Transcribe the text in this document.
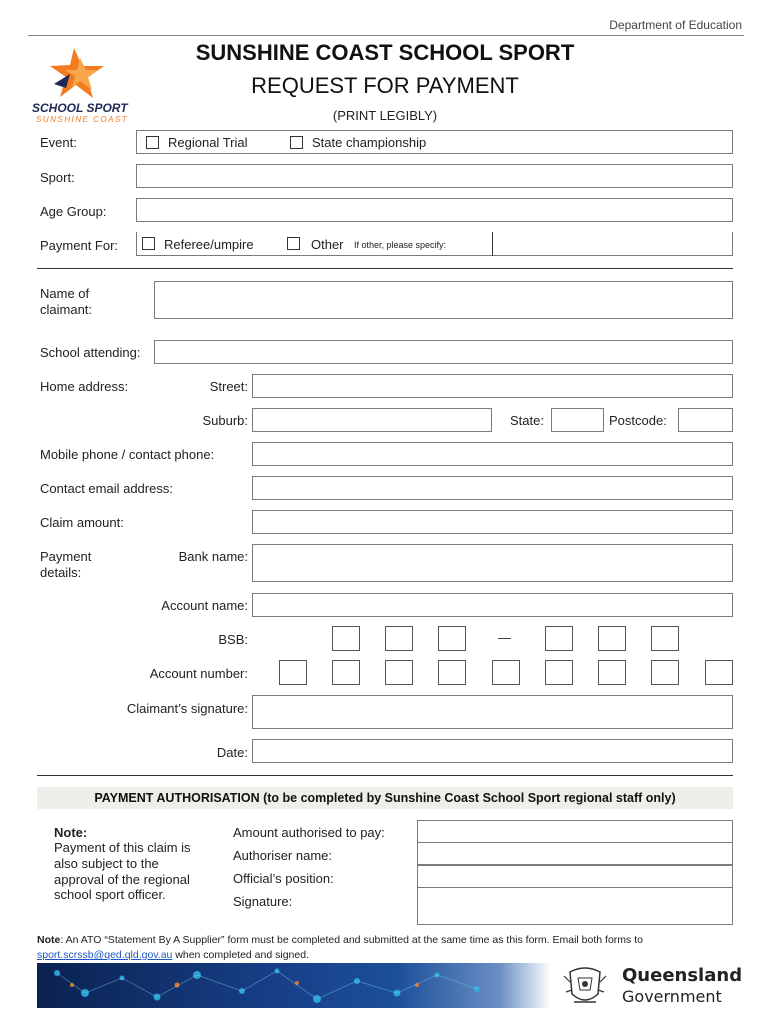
Department of Education
SCHOOL SPORT
SUNSHINE COAST
SUNSHINE COAST SCHOOL SPORT
REQUEST FOR PAYMENT
(PRINT LEGIBLY)
Event:	Regional Trial	State championship
Sport:
Age Group:
Payment For:	Referee/umpire	Other If other, please specify:
Name of
claimant:
School attending:
Home address:	Street:
Suburb:	State:	Postcode:
Mobile phone / contact phone:
Contact email address:
Claim amount:
Payment
details:
Bank name:
Account name:
BSB:	—
Account number:
Claimant’s signature:
Date:
PAYMENT AUTHORISATION (to be completed by Sunshine Coast School Sport regional staff only)
Note:
Payment of this claim is
also subject to the
approval of the regional
school sport officer.
Amount authorised to pay:
Authoriser name:
Official’s position:
Signature:
Note: An ATO “Statement By A Supplier” form must be completed and submitted at the same time as this form. Email both forms to
sport.scrssb@qed.qld.gov.au when completed and signed.
Queensland
Government
